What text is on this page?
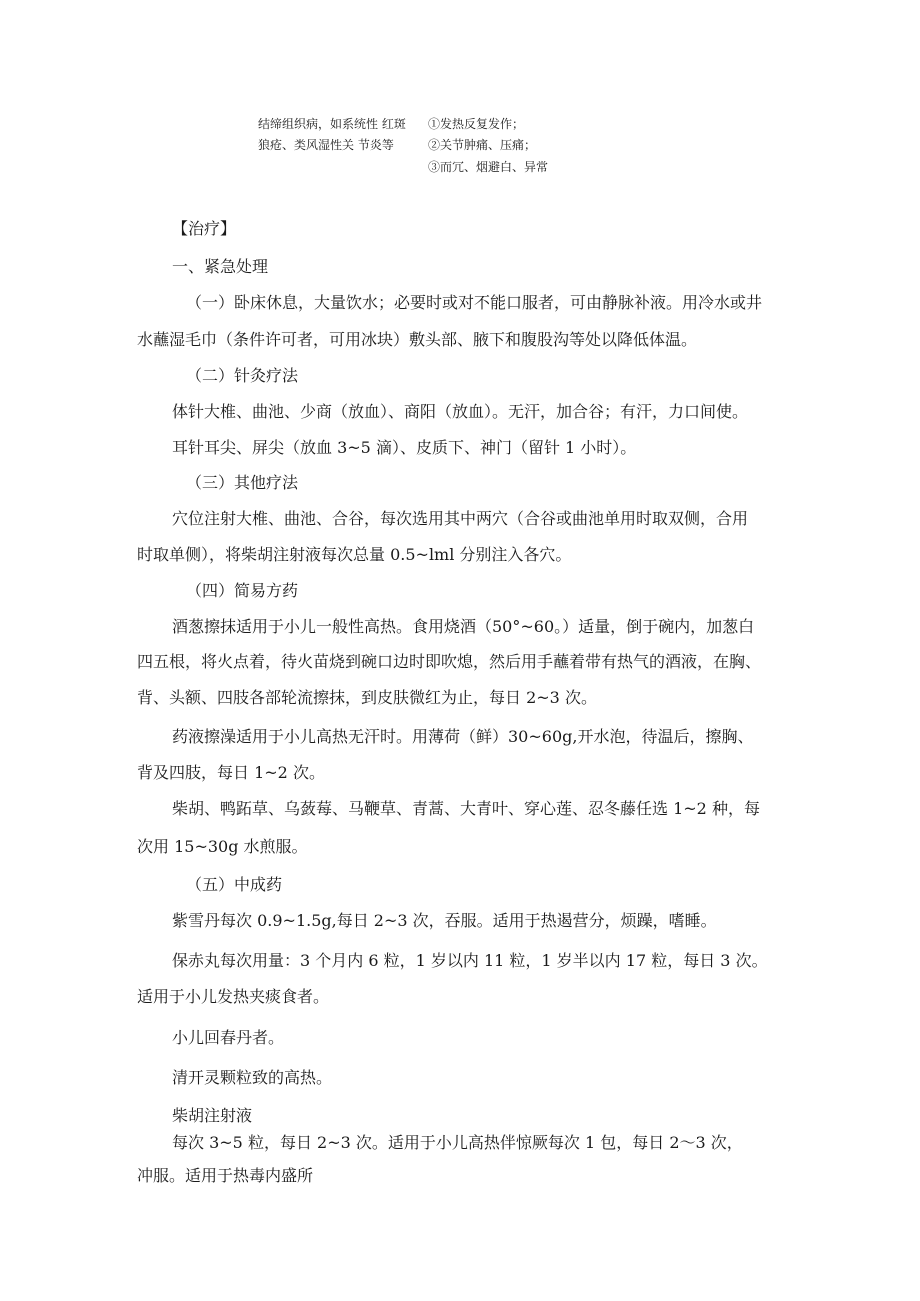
结缔组织病，如系统性 红斑
狼疮、类风湿性关 节炎等
①发热反复发作；
②关节肿痛、压痛；
③而冗、烟避白、异常
【治疗】
一、紧急处理
（一）卧床休息，大量饮水；必要时或对不能口服者，可由静脉补液。用冷水或井
水蘸湿毛巾（条件许可者，可用冰块）敷头部、腋下和腹股沟等处以降低体温。
（二）针灸疗法
体针大椎、曲池、少商（放血）、商阳（放血）。无汗，加合谷；有汗，力口间使。
耳针耳尖、屏尖（放血 3~5 滴）、皮质下、神门（留针 1 小时）。
（三）其他疗法
穴位注射大椎、曲池、合谷，每次选用其中两穴（合谷或曲池单用时取双侧，合用
时取单侧），将柴胡注射液每次总量 0.5~lml 分别注入各穴。
（四）简易方药
酒葱擦抹适用于小儿一般性高热。食用烧酒（50°~60。）适量，倒于碗内，加葱白
四五根，将火点着，待火苗烧到碗口边时即吹熄，然后用手蘸着带有热气的酒液，在胸、
背、头额、四肢各部轮流擦抹，到皮肤微红为止，每日 2~3 次。
药液擦澡适用于小儿高热无汗时。用薄荷（鲜）30~60g,开水泡，待温后，擦胸、
背及四肢，每日 1~2 次。
柴胡、鸭跖草、乌蔹莓、马鞭草、青蒿、大青叶、穿心莲、忍冬藤任选 1~2 种，每
次用 15~30g 水煎服。
（五）中成药
紫雪丹每次 0.9~1.5g,每日 2~3 次，吞服。适用于热遏营分，烦躁，嗜睡。
保赤丸每次用量：3 个月内 6 粒，1 岁以内 11 粒，1 岁半以内 17 粒，每日 3 次。
适用于小儿发热夹痰食者。
小儿回春丹者。
清开灵颗粒致的高热。
柴胡注射液
每次 3~5 粒，每日 2~3 次。适用于小儿高热伴惊厥每次 1 包，每日 2～3 次，
冲服。适用于热毒内盛所
